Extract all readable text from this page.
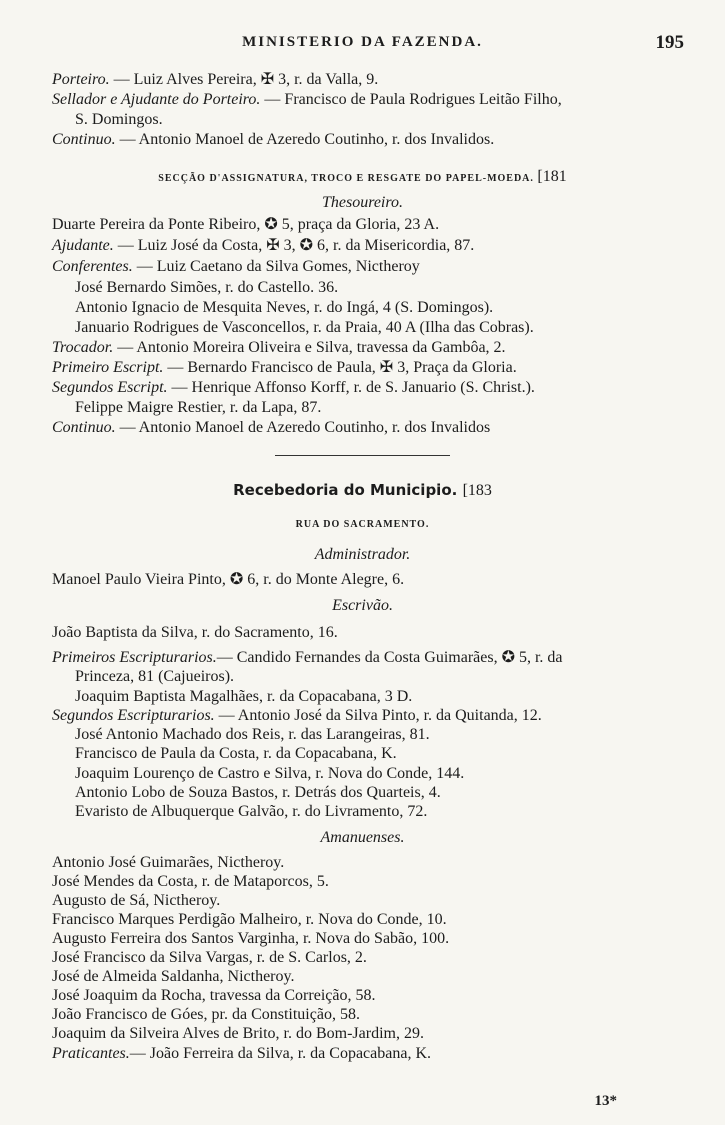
MINISTERIO DA FAZENDA.	195
Porteiro. — Luiz Alves Pereira, ✠ 3, r. da Valla, 9.
Sellador e Ajudante do Porteiro. — Francisco de Paula Rodrigues Leitão Filho,
S. Domingos.
Continuo. — Antonio Manoel de Azeredo Coutinho, r. dos Invalidos.
SECÇÃO D'ASSIGNATURA, TROCO E RESGATE DO PAPEL-MOEDA. [181
Thesoureiro.
Duarte Pereira da Ponte Ribeiro, ✪ 5, praça da Gloria, 23 A.
Ajudante. — Luiz José da Costa, ✠ 3, ✪ 6, r. da Misericordia, 87.
Conferentes. — Luiz Caetano da Silva Gomes, Nictheroy
José Bernardo Simões, r. do Castello. 36.
Antonio Ignacio de Mesquita Neves, r. do Ingá, 4 (S. Domingos).
Januario Rodrigues de Vasconcellos, r. da Praia, 40 A (Ilha das Cobras).
Trocador. — Antonio Moreira Oliveira e Silva, travessa da Gambôa, 2.
Primeiro Escript. — Bernardo Francisco de Paula, ✠ 3, Praça da Gloria.
Segundos Escript. — Henrique Affonso Korff, r. de S. Januario (S. Christ.).
Felippe Maigre Restier, r. da Lapa, 87.
Continuo. — Antonio Manoel de Azeredo Coutinho, r. dos Invalidos
Recebedoria do Municipio. [183
RUA DO SACRAMENTO.
Administrador.
Manoel Paulo Vieira Pinto, ✪ 6, r. do Monte Alegre, 6.
Escrivão.
João Baptista da Silva, r. do Sacramento, 16.
Primeiros Escripturarios.— Candido Fernandes da Costa Guimarães, ✪ 5, r. da
Princeza, 81 (Cajueiros).
Joaquim Baptista Magalhães, r. da Copacabana, 3 D.
Segundos Escripturarios. — Antonio José da Silva Pinto, r. da Quitanda, 12.
José Antonio Machado dos Reis, r. das Larangeiras, 81.
Francisco de Paula da Costa, r. da Copacabana, K.
Joaquim Lourenço de Castro e Silva, r. Nova do Conde, 144.
Antonio Lobo de Souza Bastos, r. Detrás dos Quarteis, 4.
Evaristo de Albuquerque Galvão, r. do Livramento, 72.
Amanuenses.
Antonio José Guimarães, Nictheroy.
José Mendes da Costa, r. de Mataporcos, 5.
Augusto de Sá, Nictheroy.
Francisco Marques Perdigão Malheiro, r. Nova do Conde, 10.
Augusto Ferreira dos Santos Varginha, r. Nova do Sabão, 100.
José Francisco da Silva Vargas, r. de S. Carlos, 2.
José de Almeida Saldanha, Nictheroy.
José Joaquim da Rocha, travessa da Correição, 58.
João Francisco de Góes, pr. da Constituição, 58.
Joaquim da Silveira Alves de Brito, r. do Bom-Jardim, 29.
Praticantes.— João Ferreira da Silva, r. da Copacabana, K.
13*
